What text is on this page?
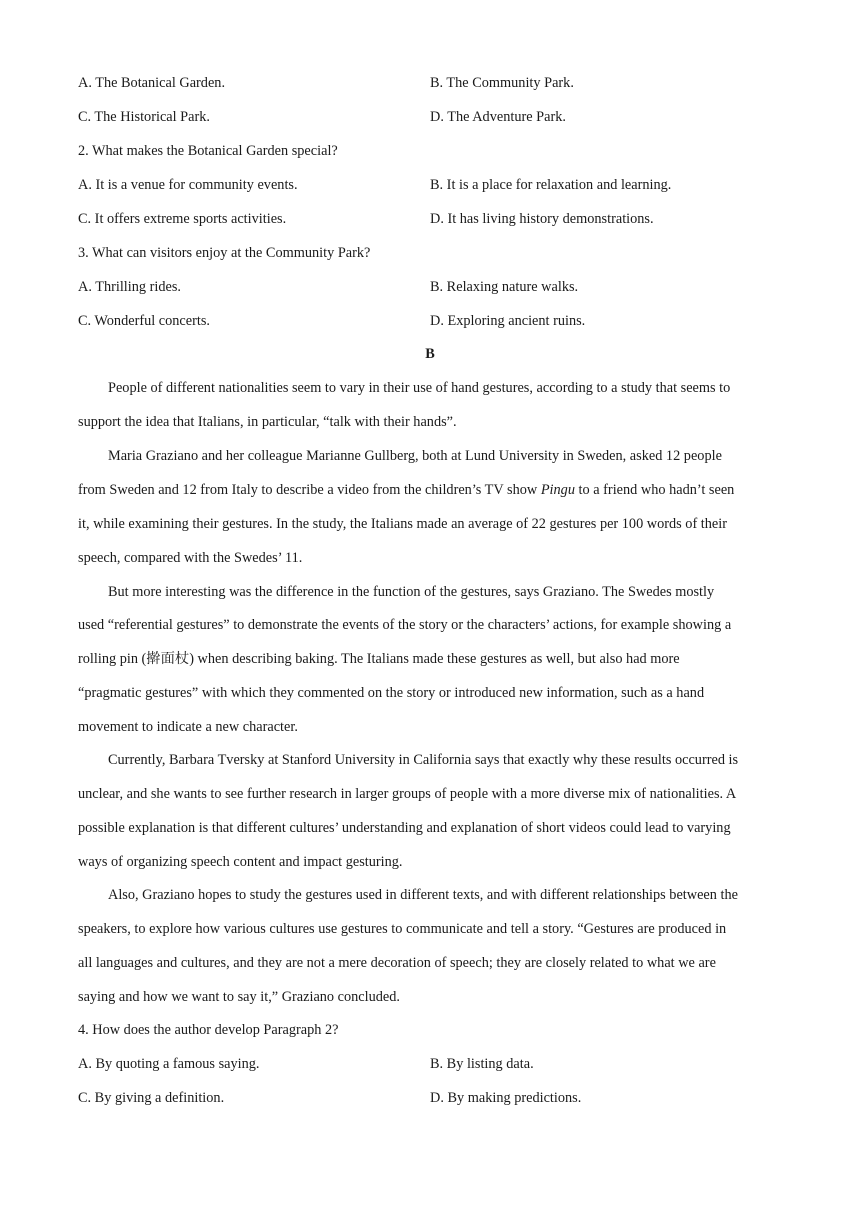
A. The Botanical Garden.	B. The Community Park.
C. The Historical Park.	D. The Adventure Park.
2. What makes the Botanical Garden special?
A. It is a venue for community events.	B. It is a place for relaxation and learning.
C. It offers extreme sports activities.	D. It has living history demonstrations.
3. What can visitors enjoy at the Community Park?
A. Thrilling rides.	B. Relaxing nature walks.
C. Wonderful concerts.	D. Exploring ancient ruins.
B
People of different nationalities seem to vary in their use of hand gestures, according to a study that seems to
support the idea that Italians, in particular, “talk with their hands”.
Maria Graziano and her colleague Marianne Gullberg, both at Lund University in Sweden, asked 12 people
from Sweden and 12 from Italy to describe a video from the children’s TV show Pingu to a friend who hadn’t seen
it, while examining their gestures. In the study, the Italians made an average of 22 gestures per 100 words of their
speech, compared with the Swedes’ 11.
But more interesting was the difference in the function of the gestures, says Graziano. The Swedes mostly
used “referential gestures” to demonstrate the events of the story or the characters’ actions, for example showing a
rolling pin (擀面杖) when describing baking. The Italians made these gestures as well, but also had more
“pragmatic gestures” with which they commented on the story or introduced new information, such as a hand
movement to indicate a new character.
Currently, Barbara Tversky at Stanford University in California says that exactly why these results occurred is
unclear, and she wants to see further research in larger groups of people with a more diverse mix of nationalities. A
possible explanation is that different cultures’ understanding and explanation of short videos could lead to varying
ways of organizing speech content and impact gesturing.
Also, Graziano hopes to study the gestures used in different texts, and with different relationships between the
speakers, to explore how various cultures use gestures to communicate and tell a story. “Gestures are produced in
all languages and cultures, and they are not a mere decoration of speech; they are closely related to what we are
saying and how we want to say it,” Graziano concluded.
4. How does the author develop Paragraph 2?
A. By quoting a famous saying.	B. By listing data.
C. By giving a definition.	D. By making predictions.
